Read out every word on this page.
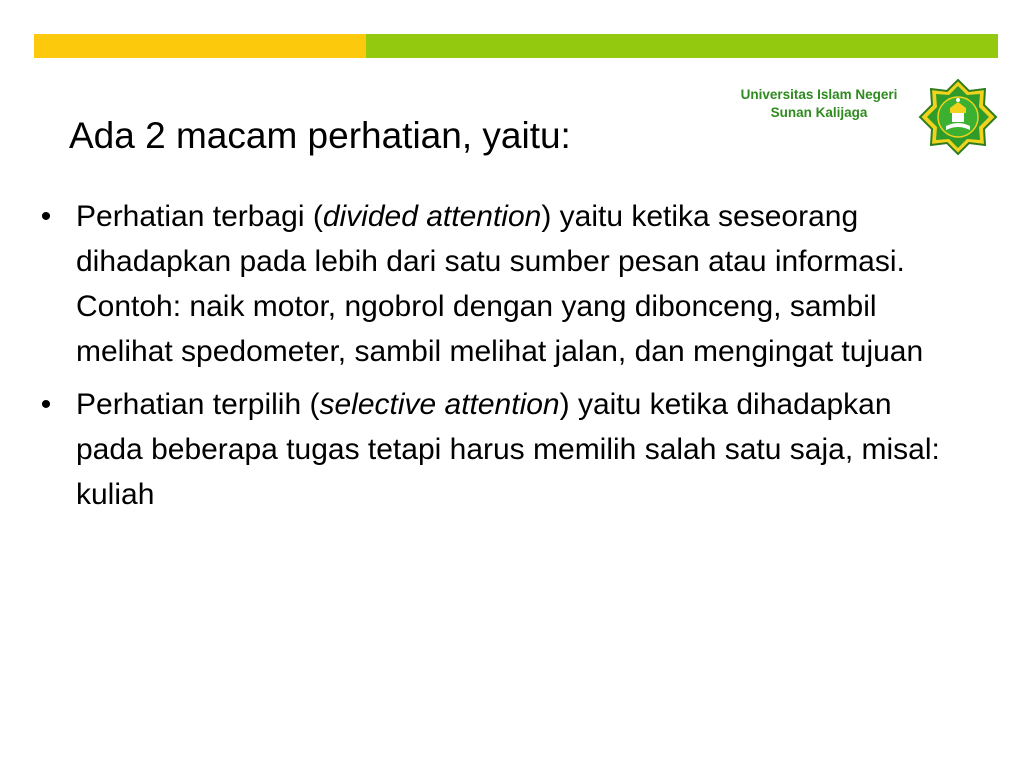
Universitas Islam Negeri
Sunan Kalijaga
Ada 2 macam perhatian, yaitu:
• Perhatian terbagi (divided attention) yaitu ketika seseorang dihadapkan pada lebih dari satu sumber pesan atau informasi. Contoh: naik motor, ngobrol dengan yang dibonceng, sambil melihat spedometer, sambil melihat jalan, dan mengingat tujuan
• Perhatian terpilih (selective attention) yaitu ketika dihadapkan pada beberapa tugas tetapi harus memilih salah satu saja, misal: kuliah
